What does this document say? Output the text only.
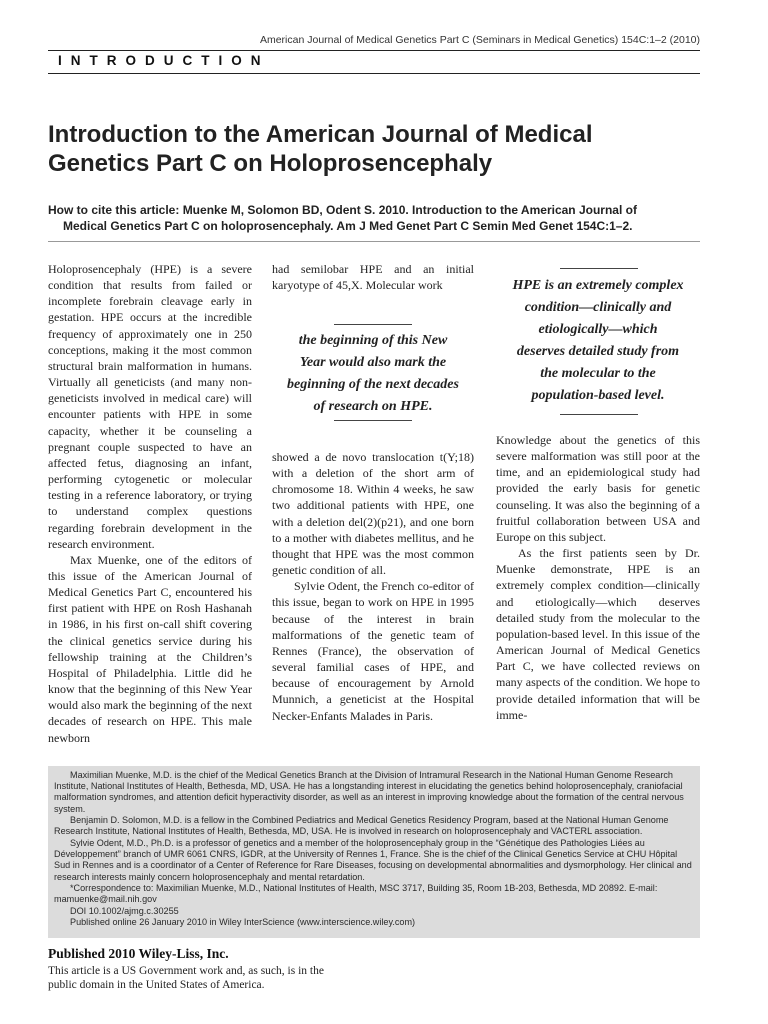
American Journal of Medical Genetics Part C (Seminars in Medical Genetics) 154C:1–2 (2010)
INTRODUCTION
Introduction to the American Journal of Medical
Genetics Part C on Holoprosencephaly
How to cite this article: Muenke M, Solomon BD, Odent S. 2010. Introduction to the American Journal of
Medical Genetics Part C on holoprosencephaly. Am J Med Genet Part C Semin Med Genet 154C:1–2.

Holoprosencephaly (HPE) is a severe condition that results from failed or incomplete forebrain cleavage early in gestation. HPE occurs at the incredible frequency of approximately one in 250 conceptions, making it the most common structural brain malformation in humans. Virtually all geneticists (and many non-geneticists involved in medical care) will encounter patients with HPE in some capacity, whether it be counseling a pregnant couple suspected to have an affected fetus, diagnosing an infant, performing cytogenetic or molecular testing in a reference laboratory, or trying to understand complex questions regarding forebrain development in the research environment.

Max Muenke, one of the editors of this issue of the American Journal of Medical Genetics Part C, encountered his first patient with HPE on Rosh Hashanah in 1986, in his first on-call shift covering the clinical genetics service during his fellowship training at the Children’s Hospital of Philadelphia. Little did he know that the beginning of this New Year would also mark the beginning of the next decades of research on HPE. This male newborn

had semilobar HPE and an initial karyotype of 45,X. Molecular work

the beginning of this New
Year would also mark the
beginning of the next decades
of research on HPE.

showed a de novo translocation t(Y;18) with a deletion of the short arm of chromosome 18. Within 4 weeks, he saw two additional patients with HPE, one with a deletion del(2)(p21), and one born to a mother with diabetes mellitus, and he thought that HPE was the most common genetic condition of all.

Sylvie Odent, the French co-editor of this issue, began to work on HPE in 1995 because of the interest in brain malformations of the genetic team of Rennes (France), the observation of several familial cases of HPE, and because of encouragement by Arnold Munnich, a geneticist at the Hospital Necker-Enfants Malades in Paris.

HPE is an extremely complex
condition—clinically and
etiologically—which
deserves detailed study from
the molecular to the
population-based level.

Knowledge about the genetics of this severe malformation was still poor at the time, and an epidemiological study had provided the early basis for genetic counseling. It was also the beginning of a fruitful collaboration between USA and Europe on this subject.

As the first patients seen by Dr. Muenke demonstrate, HPE is an extremely complex condition—clinically and etiologically—which deserves detailed study from the molecular to the population-based level. In this issue of the American Journal of Medical Genetics Part C, we have collected reviews on many aspects of the condition. We hope to provide detailed information that will be imme-

Maximilian Muenke, M.D. is the chief of the Medical Genetics Branch at the Division of Intramural Research in the National Human Genome Research Institute, National Institutes of Health, Bethesda, MD, USA. He has a longstanding interest in elucidating the genetics behind holoprosencephaly, craniofacial malformation syndromes, and attention deficit hyperactivity disorder, as well as an interest in improving knowledge about the formation of the central nervous system.

Benjamin D. Solomon, M.D. is a fellow in the Combined Pediatrics and Medical Genetics Residency Program, based at the National Human Genome Research Institute, National Institutes of Health, Bethesda, MD, USA. He is involved in research on holoprosencephaly and VACTERL association.

Sylvie Odent, M.D., Ph.D. is a professor of genetics and a member of the holoprosencephaly group in the “Génétique des Pathologies Liées au Développement” branch of UMR 6061 CNRS, IGDR, at the University of Rennes 1, France. She is the chief of the Clinical Genetics Service at CHU Hôpital Sud in Rennes and is a coordinator of a Center of Reference for Rare Diseases, focusing on developmental abnormalities and dysmorphology. Her clinical and research interests mainly concern holoprosencephaly and mental retardation.

*Correspondence to: Maximilian Muenke, M.D., National Institutes of Health, MSC 3717, Building 35, Room 1B-203, Bethesda, MD 20892. E-mail: mamuenke@mail.nih.gov

DOI 10.1002/ajmg.c.30255

Published online 26 January 2010 in Wiley InterScience (www.interscience.wiley.com)

Published 2010 Wiley-Liss, Inc.

This article is a US Government work and, as such, is in the public domain in the United States of America.
